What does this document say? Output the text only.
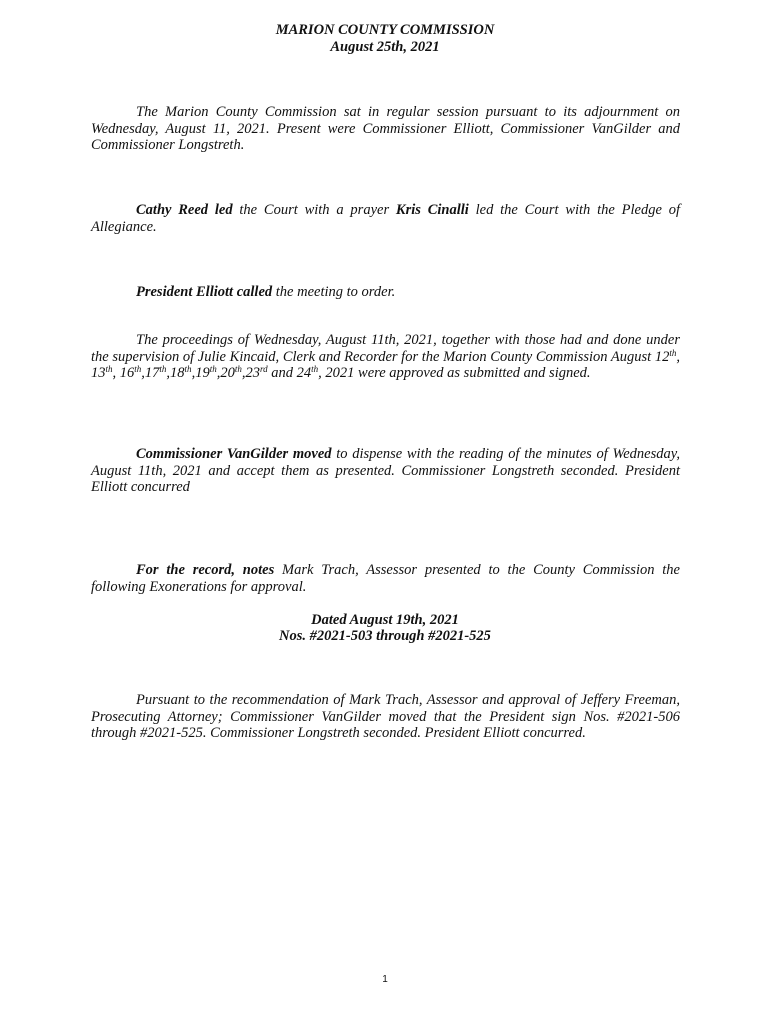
MARION COUNTY COMMISSION
August 25th, 2021
The Marion County Commission sat in regular session pursuant to its adjournment on Wednesday, August 11, 2021. Present were Commissioner Elliott, Commissioner VanGilder and Commissioner Longstreth.
Cathy Reed led the Court with a prayer Kris Cinalli led the Court with the Pledge of Allegiance.
President Elliott called the meeting to order.
The proceedings of Wednesday, August 11th, 2021, together with those had and done under the supervision of Julie Kincaid, Clerk and Recorder for the Marion County Commission August 12th, 13th, 16th,17th,18th,19th,20th,23rd and 24th, 2021 were approved as submitted and signed.
Commissioner VanGilder moved to dispense with the reading of the minutes of Wednesday, August 11th, 2021 and accept them as presented. Commissioner Longstreth seconded. President Elliott concurred
For the record, notes Mark Trach, Assessor presented to the County Commission the following Exonerations for approval.
Dated August 19th, 2021
Nos. #2021-503 through #2021-525
Pursuant to the recommendation of Mark Trach, Assessor and approval of Jeffery Freeman, Prosecuting Attorney; Commissioner VanGilder moved that the President sign Nos. #2021-506 through #2021-525. Commissioner Longstreth seconded. President Elliott concurred.
1
